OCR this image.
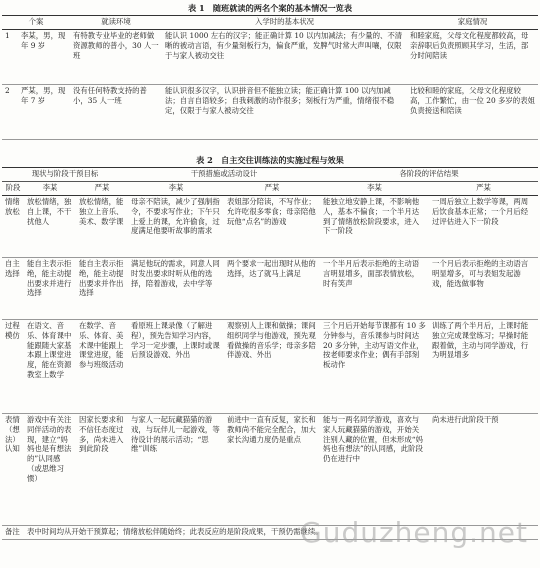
表 1　随班就读的两名个案的基本情况一览表
个案		就读环境	入学时的基本状况	家庭情况
1	李某，男，现年 9 岁	有特教专业毕业的老师做资源教师的普小，30 人一班	能认识 1000 左右的汉字；能正确计算 10 以内加减法；有少量的、不清晰的被动言语，有少量刻板行为，偏食严重，发脾气时常大声叫嚷，仅限于与家人被动交往	和睦家庭，父母文化程度都较高，母亲辞职后负责照顾其学习，生活，部分时间陪读
2	严某，男，现年 7 岁	没有任何特教支持的普小，35 人一班	能认识很多汉字，认识拼音但不能独立读；能正确计算 100 以内加减法；自言自语较多；自我刺激的动作很多；刻板行为严重，情绪很不稳定，仅限于与家人被动交往	比较和睦的家庭，父母文化程度较高，工作繁忙，由一位 20 多岁的表姐负责接送和陪读
表 2　自主交往训练法的实施过程与效果
现状与阶段干预目标			干预措施或活动设计		各阶段的评估结果	
阶段	李某	严某	李某	严某	李某	严某
情绪放松	放松情绪，独自上课，不干扰他人	放松情绪，能独立上音乐、美术、数学课	母亲不陪读，减少了强制指令，不要求写作业；下午只上爱上的课，允许偷食，过度满足他要听故事的需求	表姐部分陪读，不写作业；允许吃很多零食；母亲陪他玩他“点名”的游戏	能独立地安静上课，不影响他人，基本不偏食；一个半月达到了情绪放松阶段要求，进入下一阶段	一周后独立上数学等课，两周后饮食基本正常；一个月后经过评估进入下一阶段
自主选择	能自主表示拒绝，能主动提出要求并进行选择	能自主表示拒绝，能主动提出要求并作出选择	满足他玩的需求，同意人同时发出要求时听从他的选择，陪着游戏，去中学等	两个要求一起出现时从他的选择，达了就马上满足	一个半月后表示拒绝的主动语言明显增多，面部表情放松，时有笑声	一个月后表示拒绝的主动语言明显增多，可与表姐发起游戏，能选做事物
过程模仿	在语文、音乐、体育课中能跟随大家基本跟上课堂进度，能在资源教室上数学	在数学、音乐、体育、美术课中能跟上课堂进度，能参与班级活动	看原班上课录像（了解进程），预先告知学习内容，学习一定步骤，上课时或课后预设游戏、外出	观察别人上课和做操；课间组织同学与他游戏，预先观看做操的音乐学；母亲多陪伴游戏、外出	三个月后开始每节课都有 10 多分钟参与，音乐课参与时间达 20 多分钟，主动写语文作业，按老师要求作业；偶有手部刻板动作	训练了两个半月后，上课时能独立完成课堂练习；早操时能跟着做，主动与同学游戏，行为明显增多
表情（想法）认知	游戏中有关注同伴活动的表现，建立“妈妈也是有想法的”认同感（或思维习惯）	因家长要求和不信任态度过多，尚未进入到此阶段	与家人一起玩藏猫猫的游戏，与玩伴儿一起游戏，等待设计的展示活动；“思维”训练	前进中一直有反复，家长和教师尚不能完全配合，加大家长沟通力度仍是重点	能与一两名同学游戏，喜欢与家人玩藏猫猫的游戏，开始关注别人藏的位置，但未形成“妈妈也有想法”的认同感，此阶段仍在进行中	尚未进行此阶段干预
备注	表中时间均从开始干预算起；情绪放松伴随始终；此表反应的是阶段成果，干预仍需继续。					
Guduzheng.net
